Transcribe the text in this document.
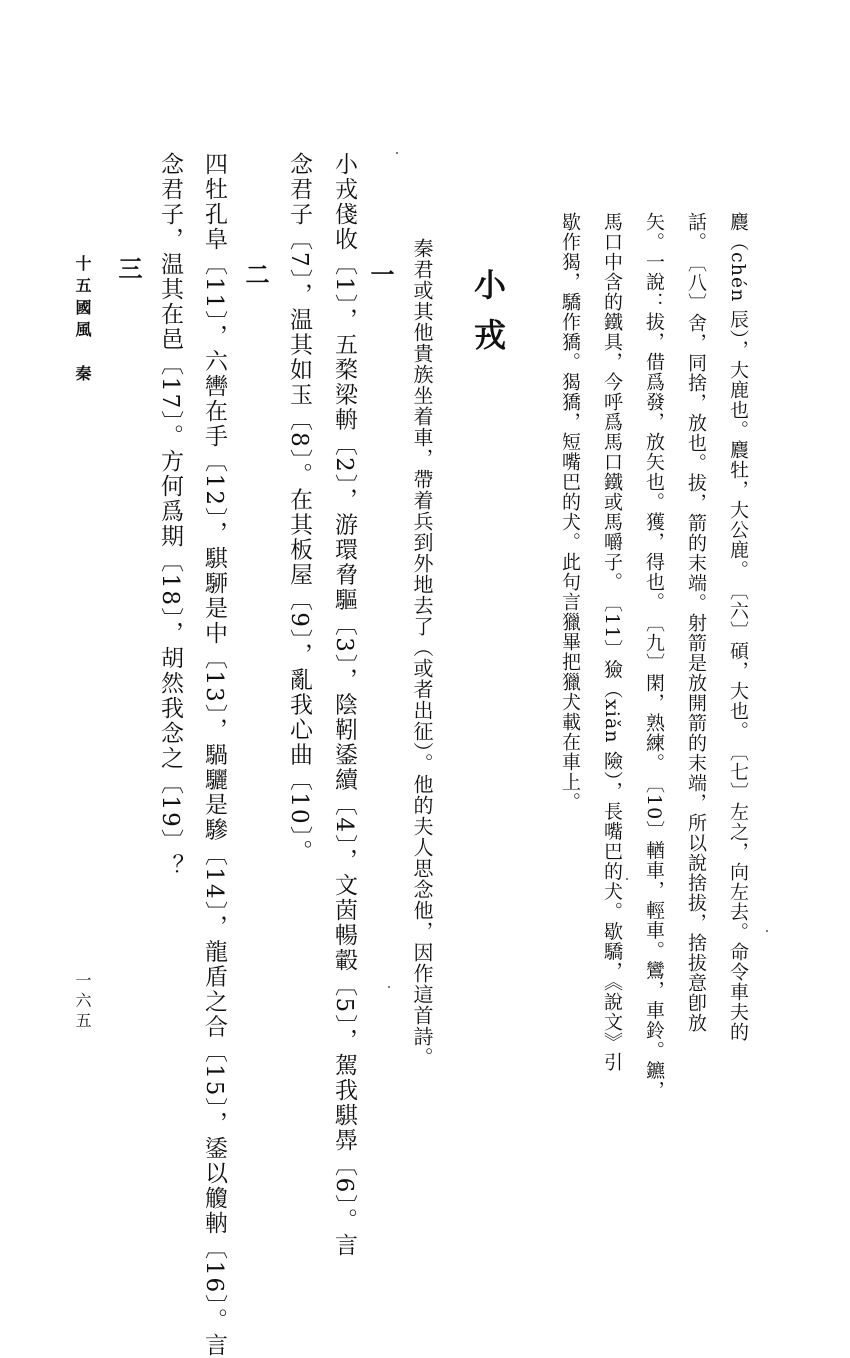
麎（chén 辰），大鹿也。麎牡，大公鹿。　〔六〕碩，大也。　〔七〕左之，向左去。命令車夫的
話。　〔八〕舍，同捨，放也。拔，箭的末端。射箭是放開箭的末端，所以說捨拔，捨拔意卽放
矢。一說：拔，借爲發，放矢也。獲，得也。　〔九〕閑，熟練。　〔10〕輶車，輕車。鸞，車鈴。鑣，
馬口中含的鐵具，今呼爲馬口鐵或馬嚼子。　〔11〕獫（xiǎn 險），長嘴巴的犬。歇驕，《說文》引
歇作猲，驕作獢。猲獢，短嘴巴的犬。此句言獵畢把獵犬載在車上。
小戎

秦君或其他貴族坐着車，帶着兵到外地去了（或者出征）。他的夫人思念他，因作這首詩。

一
小戎俴收〔1〕，五楘梁輈〔2〕，游環脅驅〔3〕，陰靷鋈續〔4〕，文茵暢轂〔5〕，駕我騏馵〔6〕。言
念君子〔7〕，温其如玉〔8〕。在其板屋〔9〕，亂我心曲〔10〕。
二
四牡孔阜〔11〕，六轡在手〔12〕，騏駵是中〔13〕，騧驪是驂〔14〕，龍盾之合〔15〕，鋈以觼軜〔16〕。言
念君子，温其在邑〔17〕。方何爲期〔18〕，胡然我念之〔19〕？
三
十五國風　秦
一六五
